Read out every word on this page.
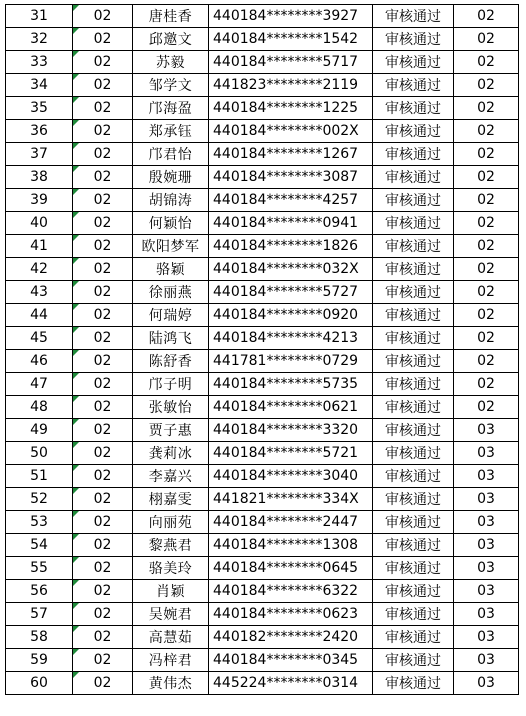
31	02	唐桂香	440184********3927	审核通过	02
32	02	邱邀文	440184********1542	审核通过	02
33	02	苏毅	440184********5717	审核通过	02
34	02	邹学文	441823********2119	审核通过	02
35	02	邝海盈	440184********1225	审核通过	02
36	02	郑承钰	440184********002X	审核通过	02
37	02	邝君怡	440184********1267	审核通过	02
38	02	殷婉珊	440184********3087	审核通过	02
39	02	胡锦涛	440184********4257	审核通过	02
40	02	何颖怡	440184********0941	审核通过	02
41	02	欧阳梦军	440184********1826	审核通过	02
42	02	骆颖	440184********032X	审核通过	02
43	02	徐丽燕	440184********5727	审核通过	02
44	02	何瑞婷	440184********0920	审核通过	02
45	02	陆鸿飞	440184********4213	审核通过	02
46	02	陈舒香	441781********0729	审核通过	02
47	02	邝子明	440184********5735	审核通过	02
48	02	张敏怡	440184********0621	审核通过	02
49	02	贾子惠	440184********3320	审核通过	03
50	02	龚莉冰	440184********5721	审核通过	03
51	02	李嘉兴	440184********3040	审核通过	03
52	02	栩嘉雯	441821********334X	审核通过	03
53	02	向丽苑	440184********2447	审核通过	03
54	02	黎燕君	440184********1308	审核通过	03
55	02	骆美玲	440184********0645	审核通过	03
56	02	肖颖	440184********6322	审核通过	03
57	02	吴婉君	440184********0623	审核通过	03
58	02	高慧茹	440182********2420	审核通过	03
59	02	冯梓君	440184********0345	审核通过	03
60	02	黄伟杰	445224********0314	审核通过	03
